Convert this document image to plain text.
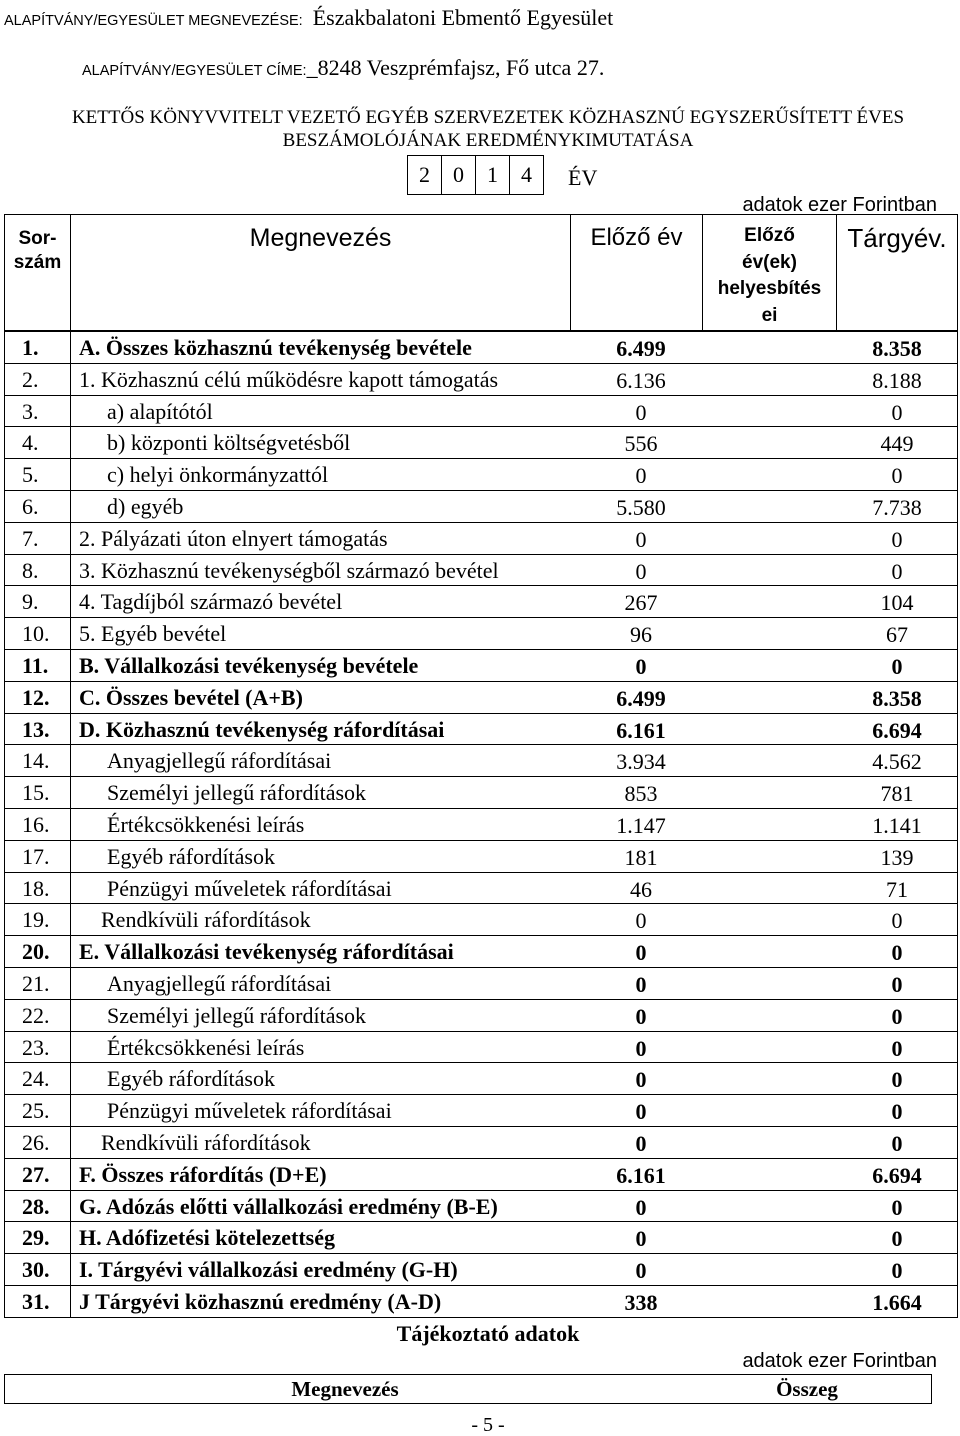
ALAPÍTVÁNY/EGYESÜLET MEGNEVEZÉSE: Északbalatoni Ebmentő Egyesület
ALAPÍTVÁNY/EGYESÜLET CÍME: _8248 Veszprémfajsz, Fő utca 27.
KETTŐS KÖNYVVITELT VEZETŐ EGYÉB SZERVEZETEK KÖZHASZNÚ EGYSZERŰSÍTETT ÉVES
BESZÁMOLÓJÁNAK EREDMÉNYKIMUTATÁSA
2	0	1	4	ÉV
adatok ezer Forintban
Sor-
szám
Megnevezés	Előző év	Előző
év(ek)
helyesbítés
ei
Tárgyév.
1.	A. Összes közhasznú tevékenység bevétele	6.499	8.358
2.	1. Közhasznú célú működésre kapott támogatás	6.136	8.188
3.	a) alapítótól	0	0
4.	b) központi költségvetésből	556	449
5.	c) helyi önkormányzattól	0	0
6.	d) egyéb	5.580	7.738
7.	2. Pályázati úton elnyert támogatás	0	0
8.	3. Közhasznú tevékenységből származó bevétel	0	0
9.	4. Tagdíjból származó bevétel	267	104
10.	5. Egyéb bevétel	96	67
11.	B. Vállalkozási tevékenység bevétele	0	0
12.	C. Összes bevétel (A+B)	6.499	8.358
13.	D. Közhasznú tevékenység ráfordításai	6.161	6.694
14.	Anyagjellegű ráfordításai	3.934	4.562
15.	Személyi jellegű ráfordítások	853	781
16.	Értékcsökkenési leírás	1.147	1.141
17.	Egyéb ráfordítások	181	139
18.	Pénzügyi műveletek ráfordításai	46	71
19.	Rendkívüli ráfordítások	0	0
20.	E. Vállalkozási tevékenység ráfordításai	0	0
21.	Anyagjellegű ráfordításai	0	0
22.	Személyi jellegű ráfordítások	0	0
23.	Értékcsökkenési leírás	0	0
24.	Egyéb ráfordítások	0	0
25.	Pénzügyi műveletek ráfordításai	0	0
26.	Rendkívüli ráfordítások	0	0
27.	F. Összes ráfordítás (D+E)	6.161	6.694
28.	G. Adózás előtti vállalkozási eredmény (B-E)	0	0
29.	H. Adófizetési kötelezettség	0	0
30.	I. Tárgyévi vállalkozási eredmény (G-H)	0	0
31.	J Tárgyévi közhasznú eredmény (A-D)	338	1.664
Tájékoztató adatok
adatok ezer Forintban
Megnevezés	Összeg
- 5 -
